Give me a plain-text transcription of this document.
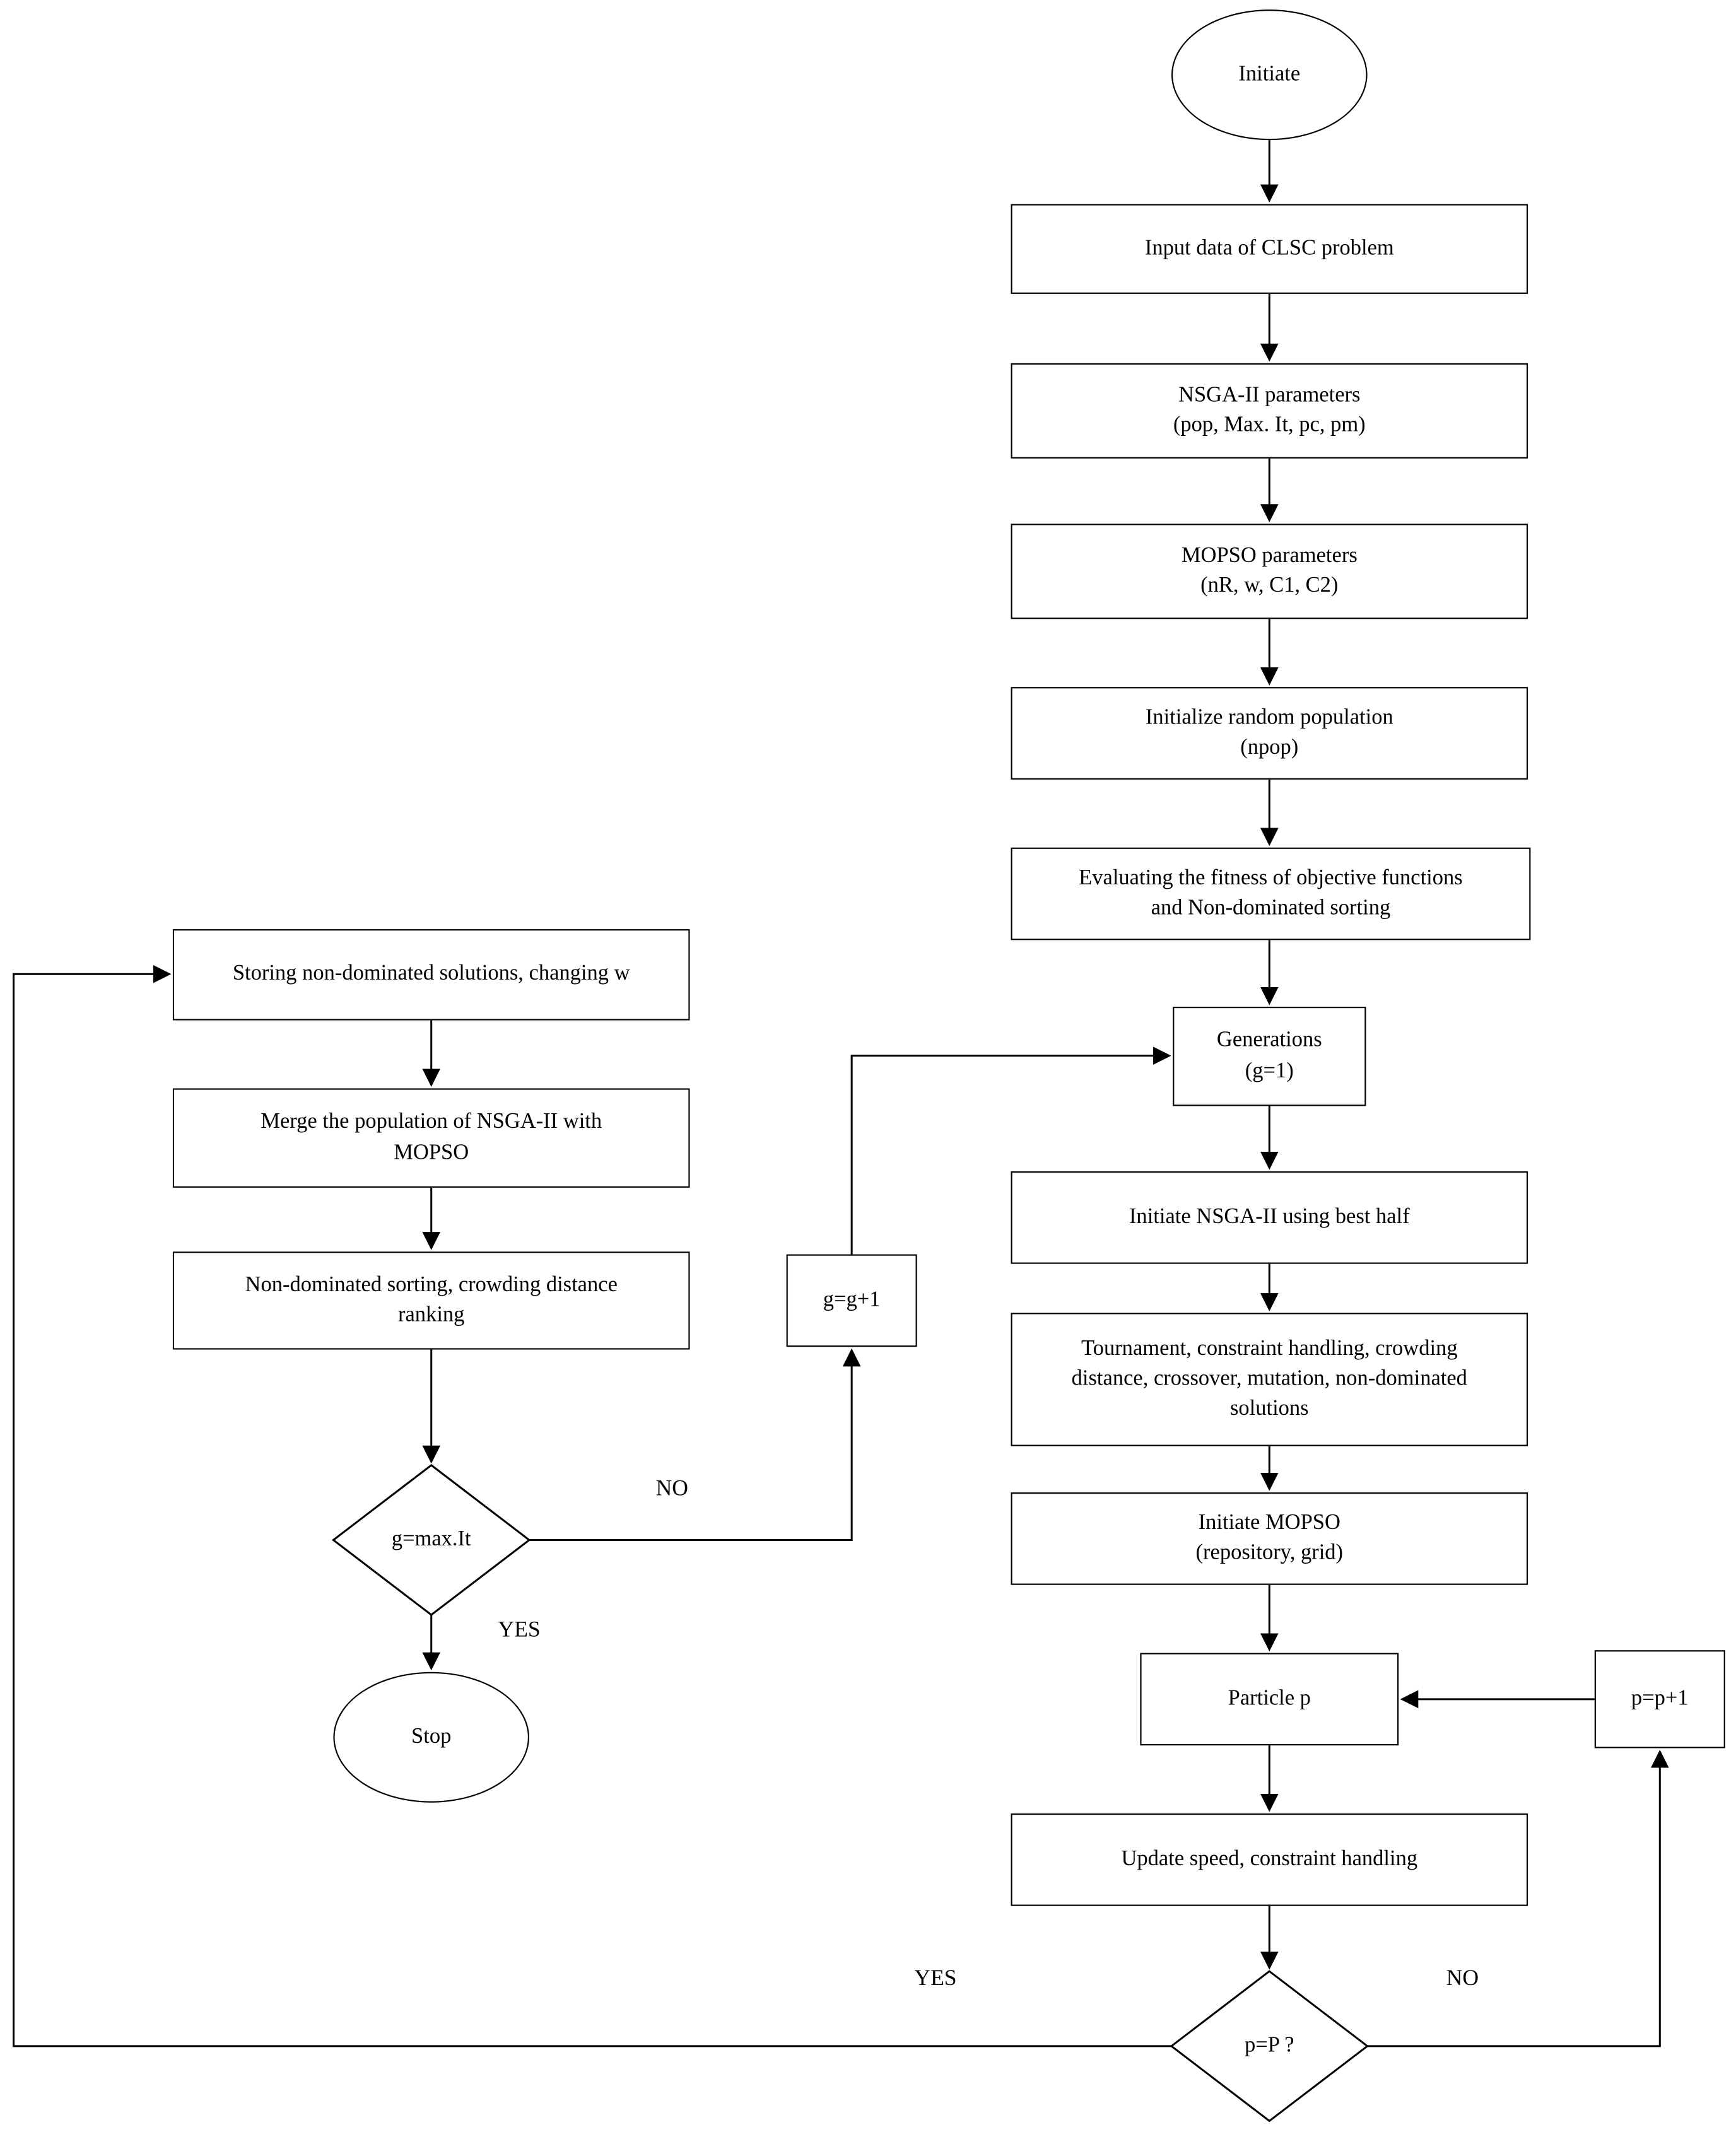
Initiate
Input data of CLSC problem
NSGA-II parameters
(pop, Max. It, pc, pm)
MOPSO parameters
(nR, w, C1, C2)
Initialize random population
(npop)
Evaluating the fitness of objective functions
and Non-dominated sorting
Generations
(g=1)
Initiate NSGA-II using best half
Tournament, constraint handling, crowding
distance, crossover, mutation, non-dominated
solutions
Initiate MOPSO
(repository, grid)
Particle p	p=p+1
Update speed, constraint handling
Storing non-dominated solutions, changing w
Merge the population of NSGA-II with
MOPSO
Non-dominated sorting, crowding distance
ranking
g=g+1
Stop
g=max.It
p=P ?
NO
YES
YES	NO
